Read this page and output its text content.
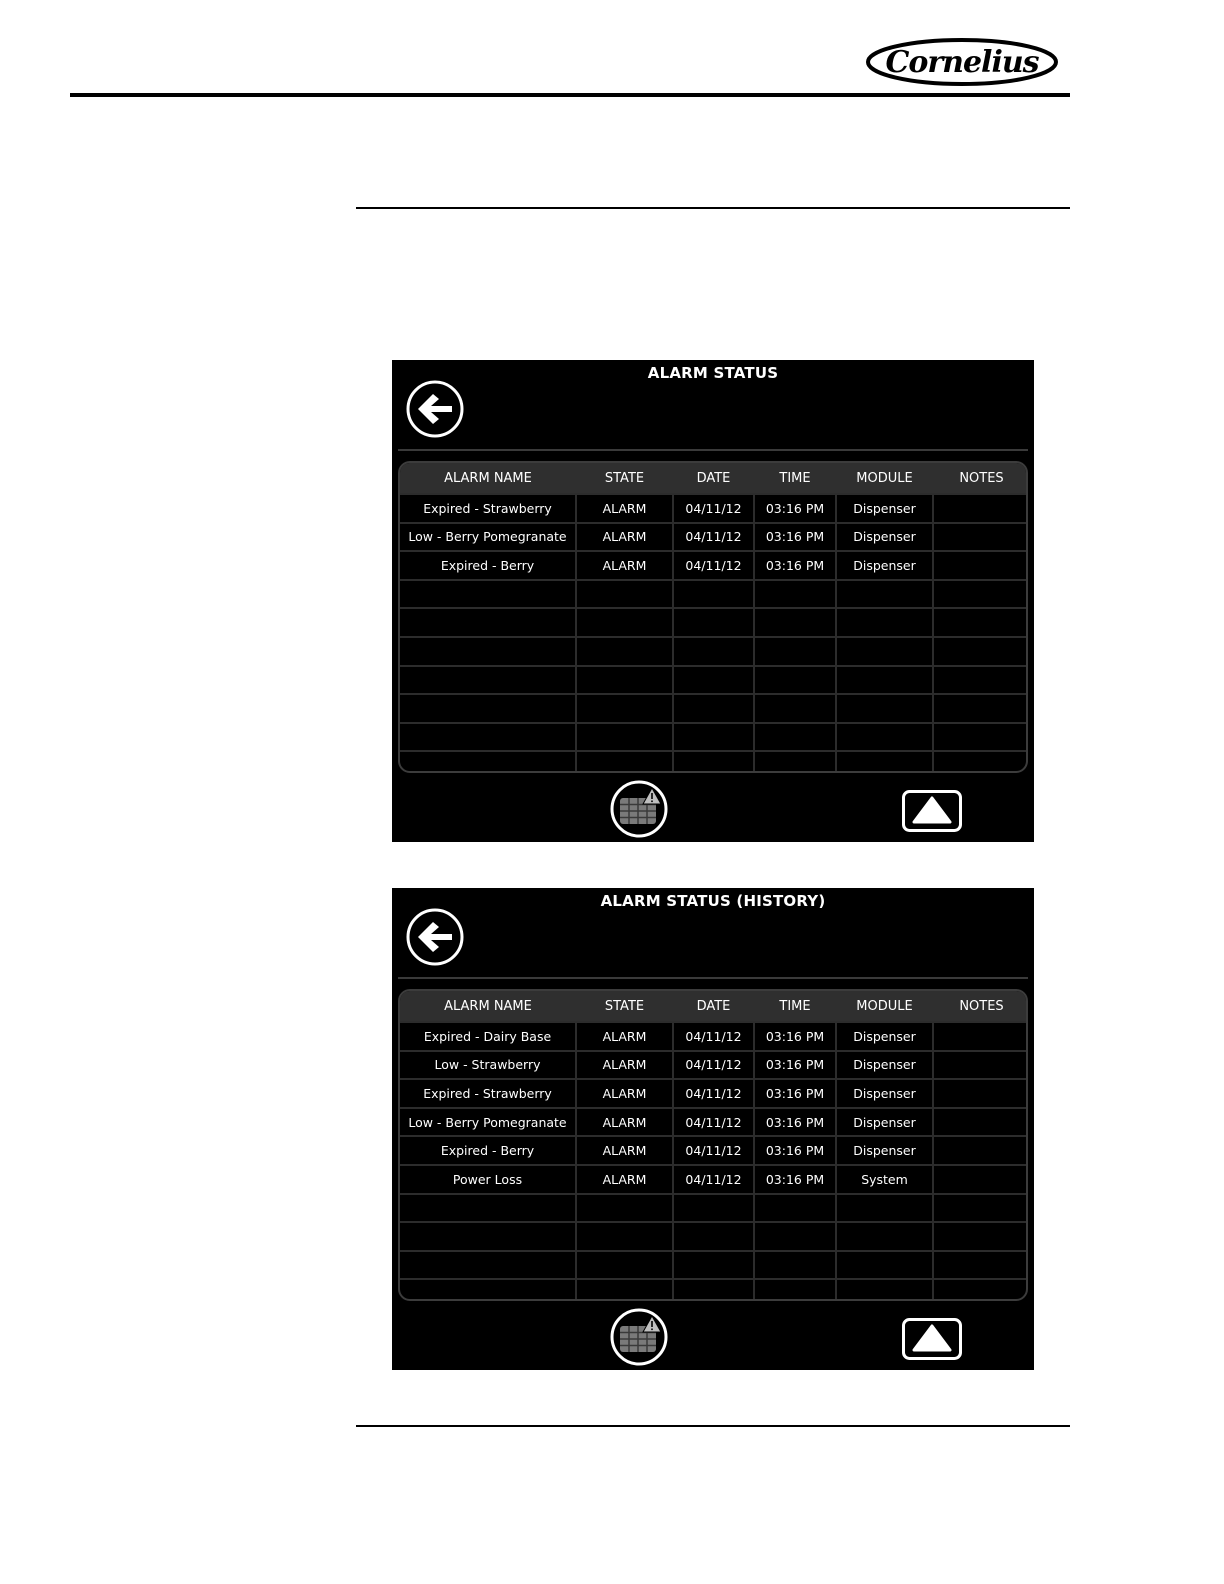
Cornelius
ALARM STATUS
ALARM NAME	STATE	DATE	TIME	MODULE	NOTES
Expired - Strawberry	ALARM	04/11/12	03:16 PM	Dispenser	
Low - Berry Pomegranate	ALARM	04/11/12	03:16 PM	Dispenser	
Expired - Berry	ALARM	04/11/12	03:16 PM	Dispenser	

ALARM STATUS (HISTORY)
ALARM NAME	STATE	DATE	TIME	MODULE	NOTES
Expired - Dairy Base	ALARM	04/11/12	03:16 PM	Dispenser	
Low - Strawberry	ALARM	04/11/12	03:16 PM	Dispenser	
Expired - Strawberry	ALARM	04/11/12	03:16 PM	Dispenser	
Low - Berry Pomegranate	ALARM	04/11/12	03:16 PM	Dispenser	
Expired - Berry	ALARM	04/11/12	03:16 PM	Dispenser	
Power Loss	ALARM	04/11/12	03:16 PM	System	
